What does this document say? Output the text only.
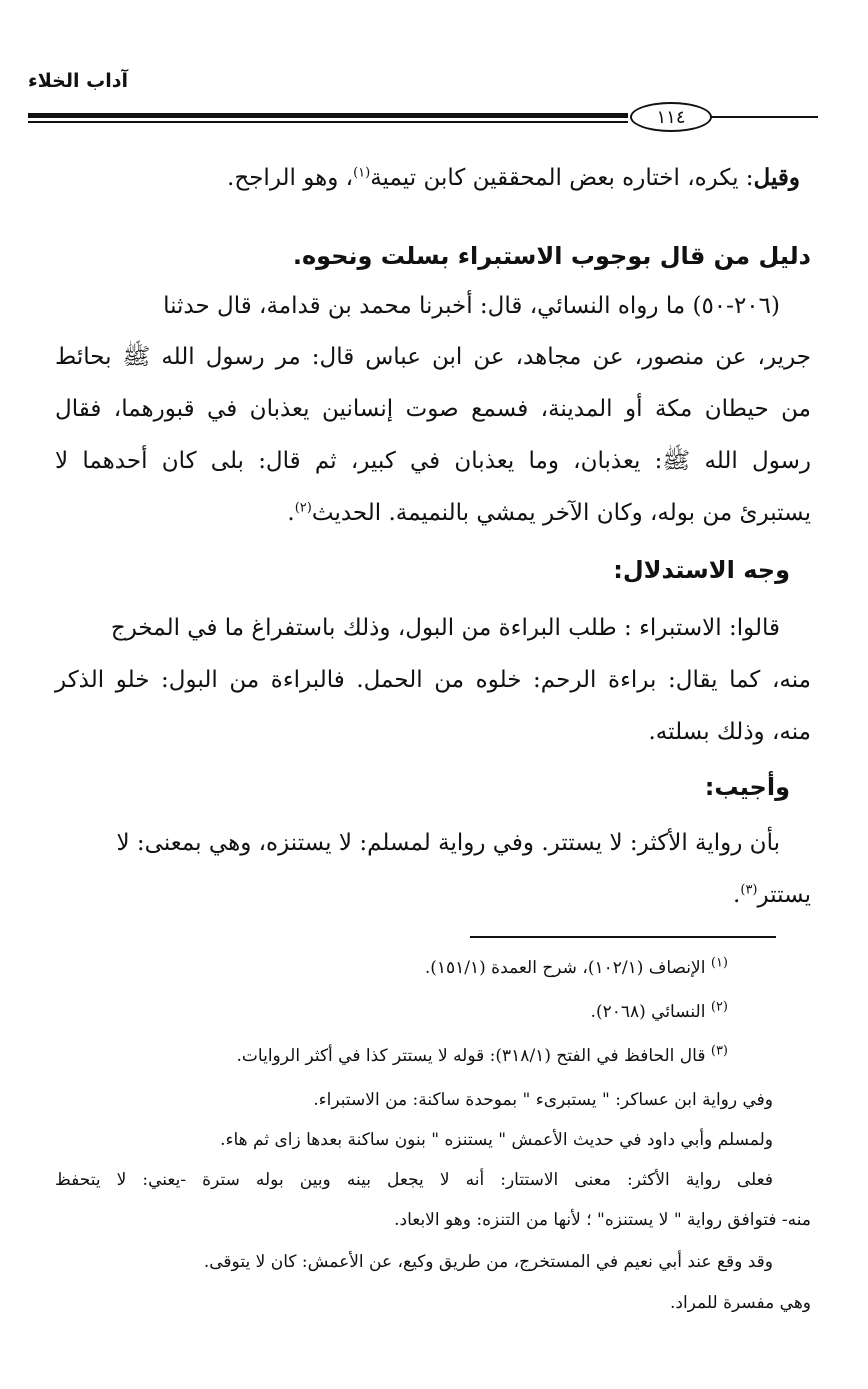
آداب الخلاء
١١٤
وقيل: يكره، اختاره بعض المحققين كابن تيمية$^{(١)}$، وهو الراجح.
دليل من قال بوجوب الاستبراء بسلت ونحوه.
(٢٠٦-٥٠) ما رواه النسائي، قال: أخبرنا محمد بن قدامة، قال حدثنا
جرير، عن منصور، عن مجاهد، عن ابن عباس قال: مر رسول الله ﷺ بحائط
من حيطان مكة أو المدينة، فسمع صوت إنسانين يعذبان في قبورهما، فقال
رسول الله ﷺ: يعذبان، وما يعذبان في كبير، ثم قال: بلى كان أحدهما لا
يستبرئ من بوله، وكان الآخر يمشي بالنميمة. الحديث$^{(٢)}$.
وجه الاستدلال:
قالوا: الاستبراء : طلب البراءة من البول، وذلك باستفراغ ما في المخرج
منه، كما يقال: براءة الرحم: خلوه من الحمل. فالبراءة من البول: خلو الذكر
منه، وذلك بسلته.
وأجيب:
بأن رواية الأكثر: لا يستتر. وفي رواية لمسلم: لا يستنزه، وهي بمعنى: لا
يستتر$^{(٣)}$.
$^{(١)}$ الإنصاف (١٠٢/١)، شرح العمدة (١٥١/١).
$^{(٢)}$ النسائي (٢٠٦٨).
$^{(٣)}$ قال الحافظ في الفتح (٣١٨/١): قوله لا يستتر كذا في أكثر الروايات.
وفي رواية ابن عساكر: " يستبرىء " بموحدة ساكنة: من الاستبراء.
ولمسلم وأبي داود في حديث الأعمش " يستنزه " بنون ساكنة بعدها زاى ثم هاء.
فعلى رواية الأكثر: معنى الاستتار: أنه لا يجعل بينه وبين بوله سترة -يعني: لا يتحفظ
منه- فتوافق رواية " لا يستنزه" ؛ لأنها من التنزه: وهو الابعاد.
وقد وقع عند أبي نعيم في المستخرج، من طريق وكيع، عن الأعمش: كان لا يتوقى.
وهي مفسرة للمراد.
